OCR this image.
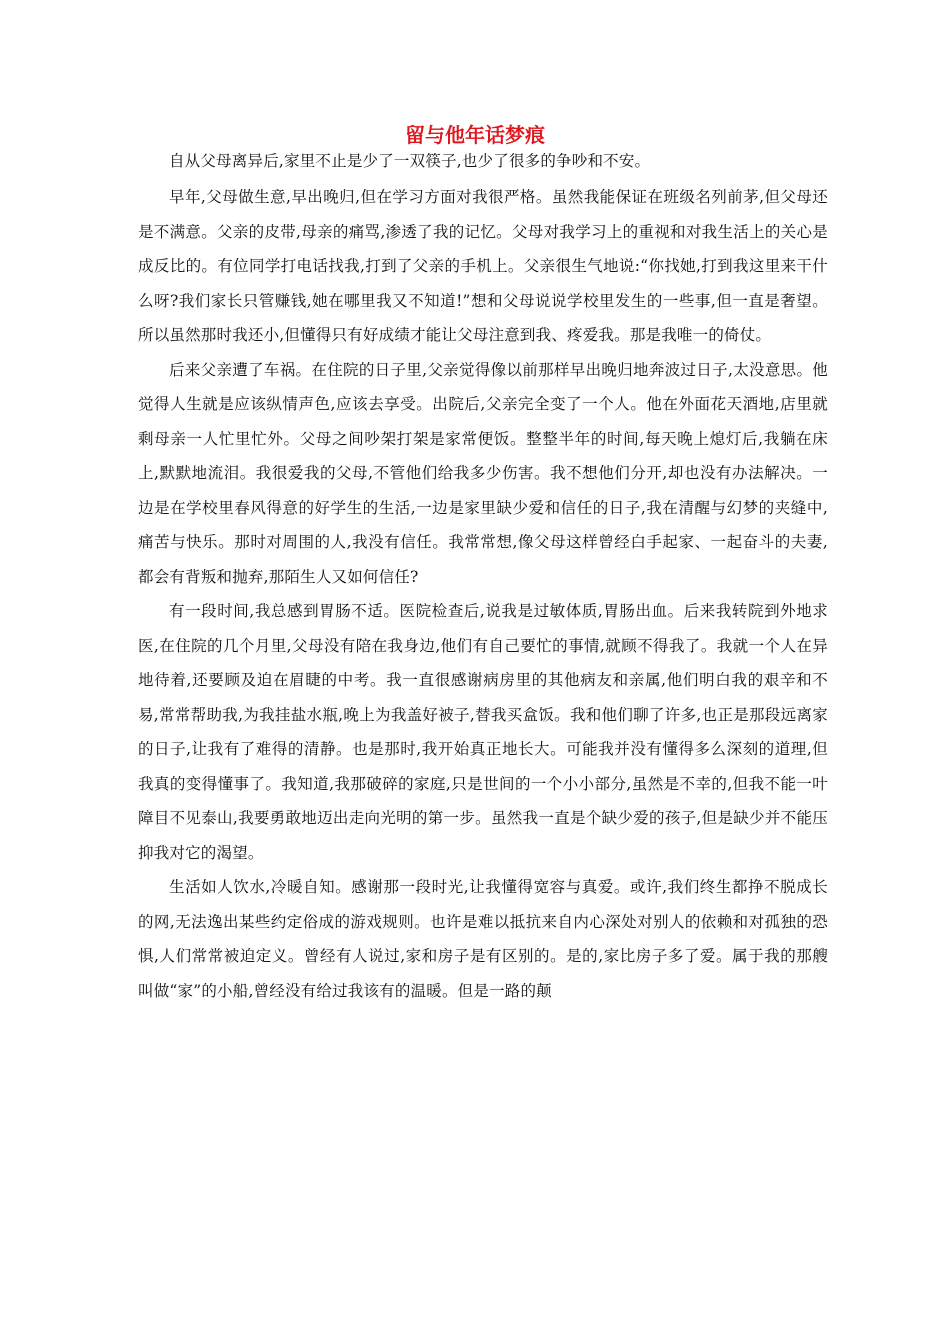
留与他年话梦痕

自从父母离异后,家里不止是少了一双筷子,也少了很多的争吵和不安。

早年,父母做生意,早出晚归,但在学习方面对我很严格。虽然我能保证在班级名列前茅,但父母还是不满意。父亲的皮带,母亲的痛骂,渗透了我的记忆。父母对我学习上的重视和对我生活上的关心是成反比的。有位同学打电话找我,打到了父亲的手机上。父亲很生气地说:“你找她,打到我这里来干什么呀?我们家长只管赚钱,她在哪里我又不知道!”想和父母说说学校里发生的一些事,但一直是奢望。所以虽然那时我还小,但懂得只有好成绩才能让父母注意到我、疼爱我。那是我唯一的倚仗。

后来父亲遭了车祸。在住院的日子里,父亲觉得像以前那样早出晚归地奔波过日子,太没意思。他觉得人生就是应该纵情声色,应该去享受。出院后,父亲完全变了一个人。他在外面花天酒地,店里就剩母亲一人忙里忙外。父母之间吵架打架是家常便饭。整整半年的时间,每天晚上熄灯后,我躺在床上,默默地流泪。我很爱我的父母,不管他们给我多少伤害。我不想他们分开,却也没有办法解决。一边是在学校里春风得意的好学生的生活,一边是家里缺少爱和信任的日子,我在清醒与幻梦的夹缝中,痛苦与快乐。那时对周围的人,我没有信任。我常常想,像父母这样曾经白手起家、一起奋斗的夫妻,都会有背叛和抛弃,那陌生人又如何信任?

有一段时间,我总感到胃肠不适。医院检查后,说我是过敏体质,胃肠出血。后来我转院到外地求医,在住院的几个月里,父母没有陪在我身边,他们有自己要忙的事情,就顾不得我了。我就一个人在异地待着,还要顾及迫在眉睫的中考。我一直很感谢病房里的其他病友和亲属,他们明白我的艰辛和不易,常常帮助我,为我挂盐水瓶,晚上为我盖好被子,替我买盒饭。我和他们聊了许多,也正是那段远离家的日子,让我有了难得的清静。也是那时,我开始真正地长大。可能我并没有懂得多么深刻的道理,但我真的变得懂事了。我知道,我那破碎的家庭,只是世间的一个小小部分,虽然是不幸的,但我不能一叶障目不见泰山,我要勇敢地迈出走向光明的第一步。虽然我一直是个缺少爱的孩子,但是缺少并不能压抑我对它的渴望。

生活如人饮水,冷暖自知。感谢那一段时光,让我懂得宽容与真爱。或许,我们终生都挣不脱成长的网,无法逸出某些约定俗成的游戏规则。也许是难以抵抗来自内心深处对别人的依赖和对孤独的恐惧,人们常常被迫定义。曾经有人说过,家和房子是有区别的。是的,家比房子多了爱。属于我的那艘叫做“家”的小船,曾经没有给过我该有的温暖。但是一路的颠
